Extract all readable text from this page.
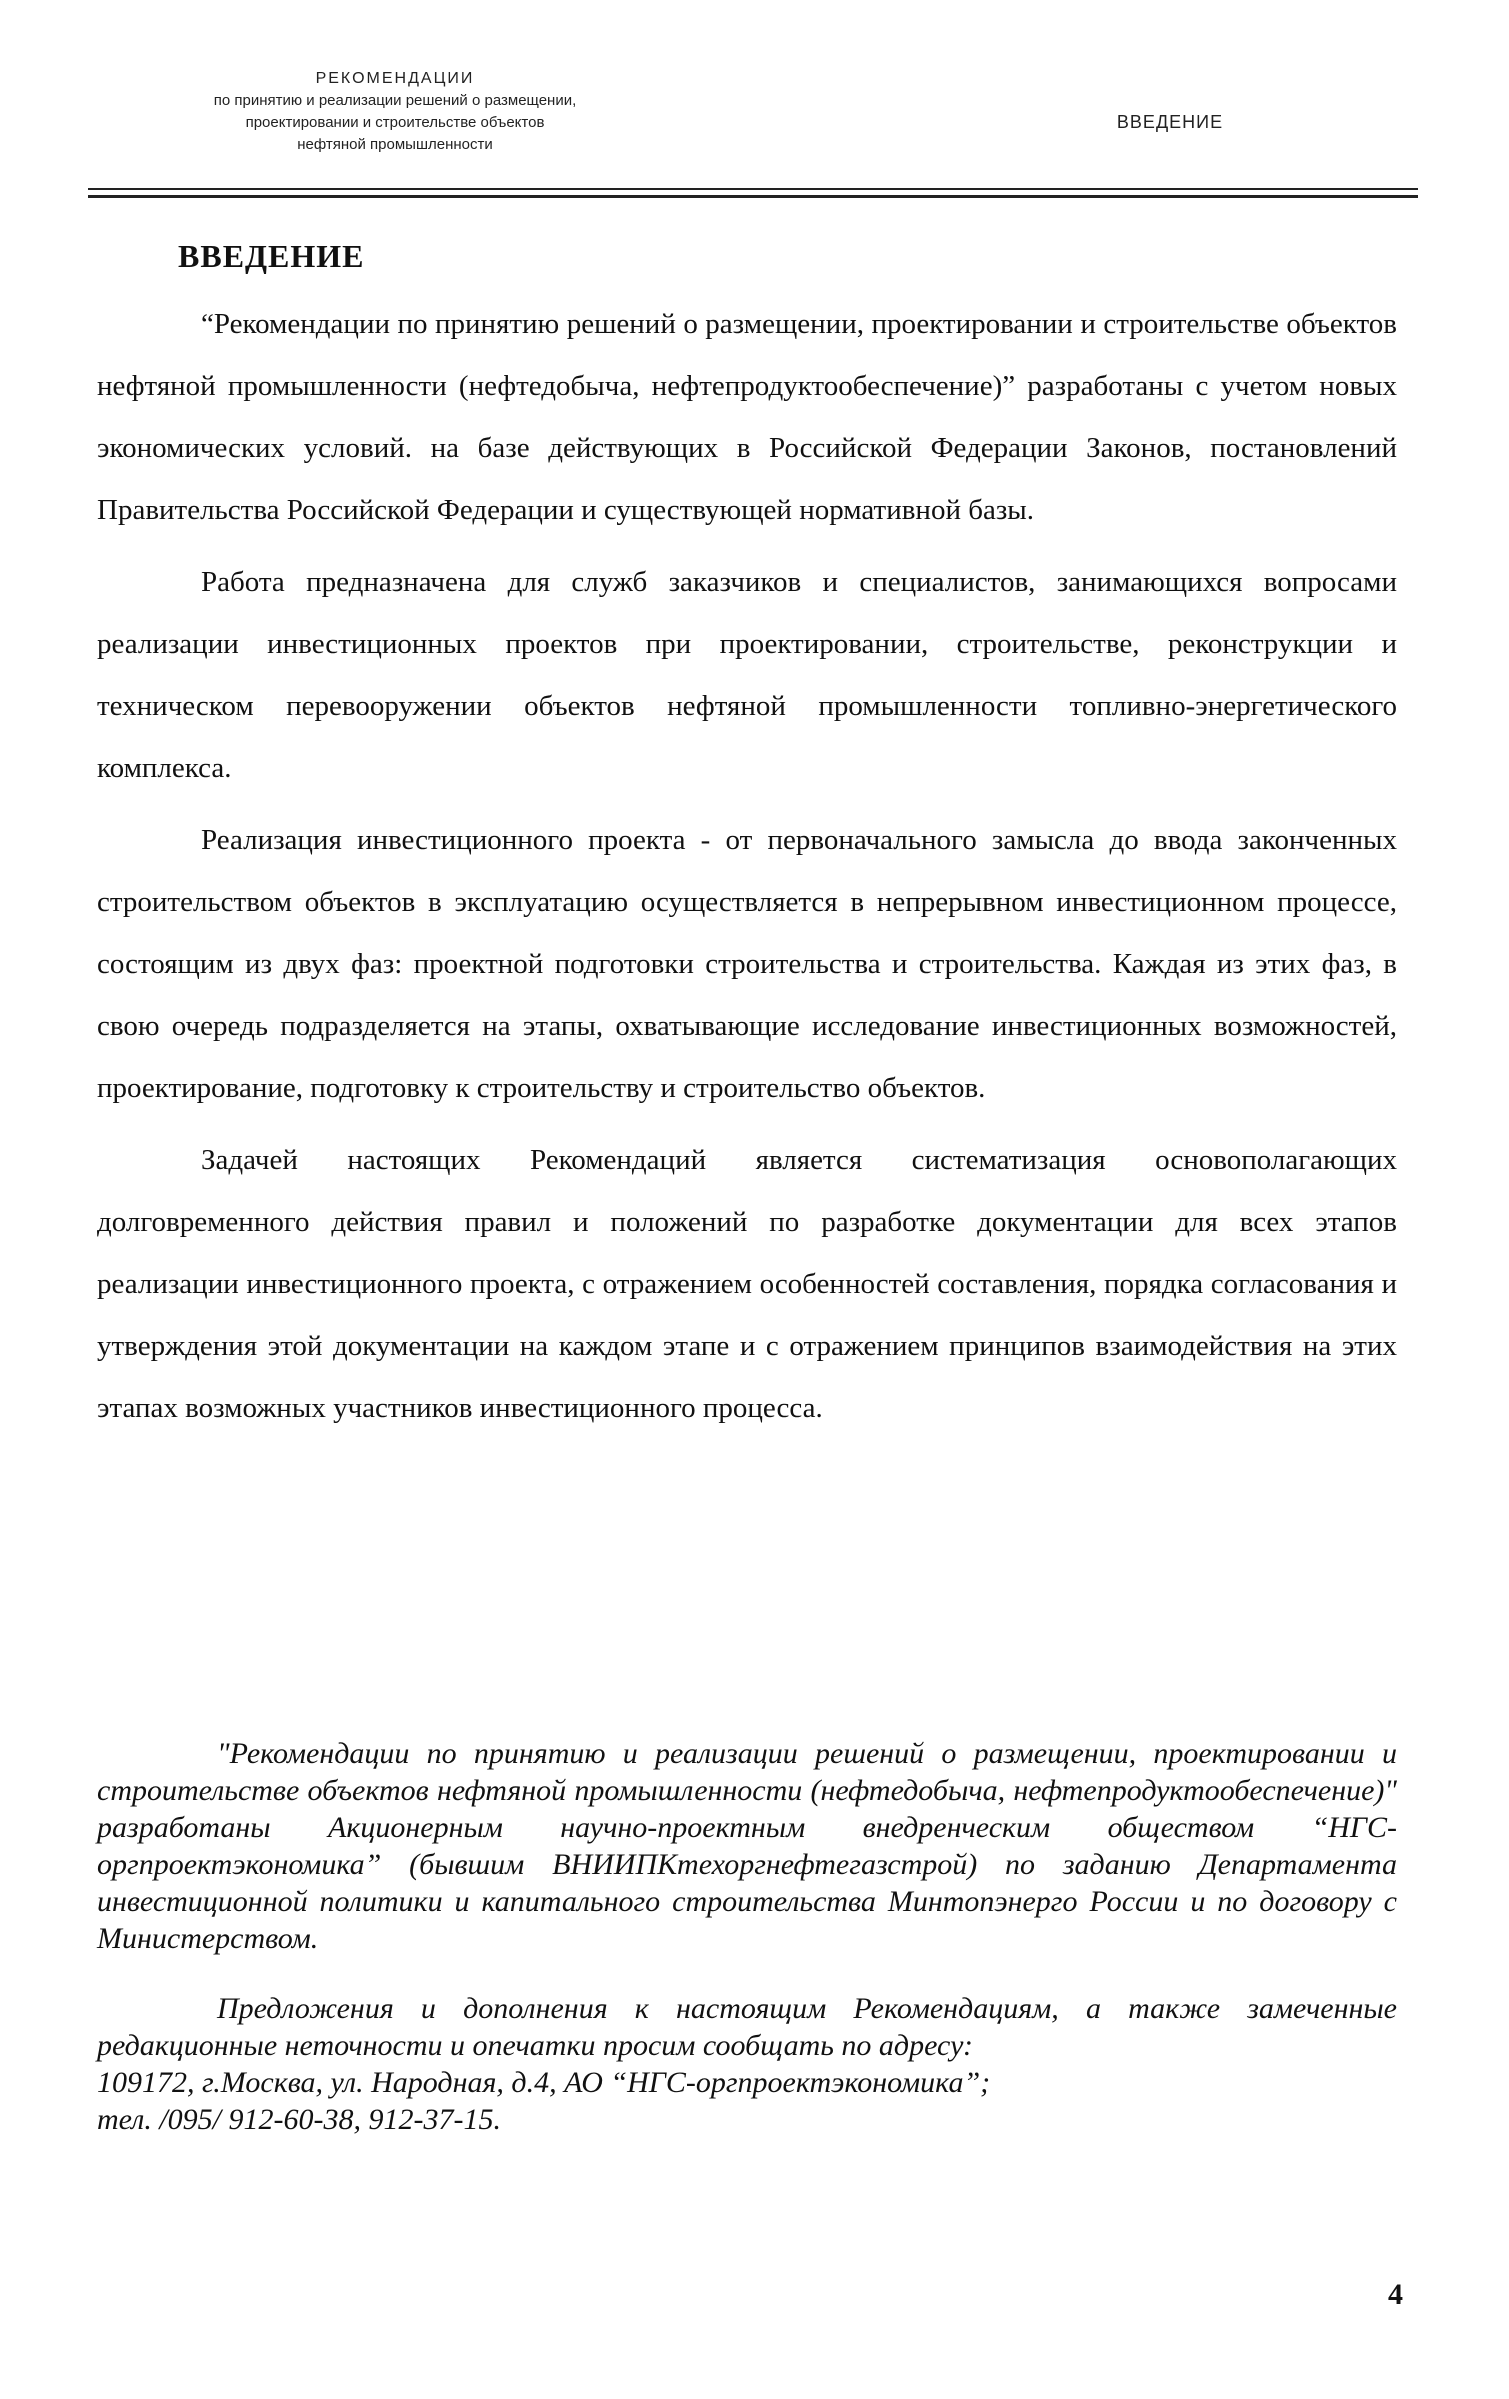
РЕКОМЕНДАЦИИ
по принятию и реализации решений о размещении,
проектировании и строительстве объектов
нефтяной промышленности
ВВЕДЕНИЕ
ВВЕДЕНИЕ

“Рекомендации по принятию решений о размещении, проектировании и строительстве объектов нефтяной промышленности (нефтедобыча, нефтепродуктообеспечение)” разработаны с учетом новых экономических условий. на базе действующих в Российской Федерации Законов, постановлений Правительства Российской Федерации и существующей нормативной базы.

Работа предназначена для служб заказчиков и специалистов, занимающихся вопросами реализации инвестиционных проектов при проектировании, строительстве, реконструкции и техническом перевооружении объектов нефтяной промышленности топливно-энергетического комплекса.

Реализация инвестиционного проекта - от первоначального замысла до ввода законченных строительством объектов в эксплуатацию осуществляется в непрерывном инвестиционном процессе, состоящим из двух фаз: проектной подготовки строительства и строительства. Каждая из этих фаз, в свою очередь подразделяется на этапы, охватывающие исследование инвестиционных возможностей, проектирование, подготовку к строительству и строительство объектов.

Задачей настоящих Рекомендаций является систематизация основополагающих долговременного действия правил и положений по разработке документации для всех этапов реализации инвестиционного проекта, с отражением особенностей составления, порядка согласования и утверждения этой документации на каждом этапе и с отражением принципов взаимодействия на этих этапах возможных участников инвестиционного процесса.

"Рекомендации по принятию и реализации решений о размещении, проектировании и строительстве объектов нефтяной промышленности (нефтедобыча, нефтепродуктообеспечение)" разработаны Акционерным научно-проектным внедренческим обществом “НГС-оргпроектэкономика” (бывшим ВНИИПКтехоргнефтегазстрой) по заданию Департамента инвестиционной политики и капитального строительства Минтопэнерго России и по договору с Министерством.

Предложения и дополнения к настоящим Рекомендациям, а также замеченные редакционные неточности и опечатки просим сообщать по адресу:
109172, г.Москва, ул. Народная, д.4, АО “НГС-оргпроектэкономика”;
тел. /095/ 912-60-38, 912-37-15.

4
